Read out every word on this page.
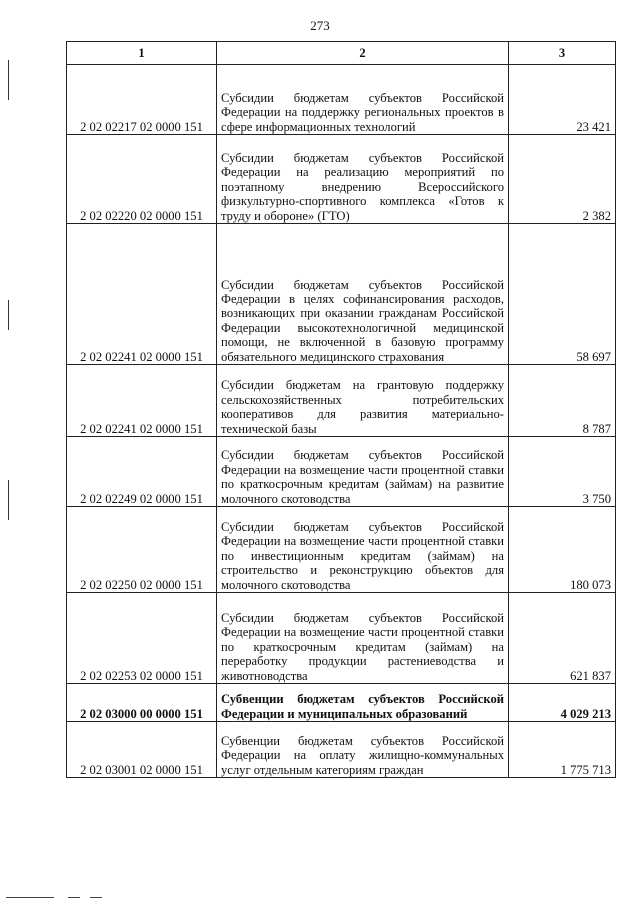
273
1	2	3
2 02 02217 02 0000 151	Субсидии бюджетам субъектов Российской Федерации на поддержку региональных проектов в сфере информационных технологий	23 421
2 02 02220 02 0000 151	Субсидии бюджетам субъектов Российской Федерации на реализацию мероприятий по поэтапному внедрению Всероссийского физкультурно-спортивного комплекса «Готов к труду и обороне» (ГТО)	2 382
2 02 02241 02 0000 151	Субсидии бюджетам субъектов Российской Федерации в целях софинансирования расходов, возникающих при оказании гражданам Российской Федерации высокотехнологичной медицинской помощи, не включенной в базовую программу обязательного медицинского страхования	58 697
2 02 02241 02 0000 151	Субсидии бюджетам на грантовую поддержку сельскохозяйственных потребительских кооперативов для развития материально-технической базы	8 787
2 02 02249 02 0000 151	Субсидии бюджетам субъектов Российской Федерации на возмещение части процентной ставки по краткосрочным кредитам (займам) на развитие молочного скотоводства	3 750
2 02 02250 02 0000 151	Субсидии бюджетам субъектов Российской Федерации на возмещение части процентной ставки по инвестиционным кредитам (займам) на строительство и реконструкцию объектов для молочного скотоводства	180 073
2 02 02253 02 0000 151	Субсидии бюджетам субъектов Российской Федерации на возмещение части процентной ставки по краткосрочным кредитам (займам) на переработку продукции растениеводства и животноводства	621 837
2 02 03000 00 0000 151	Субвенции бюджетам субъектов Российской Федерации и муниципальных образований	4 029 213
2 02 03001 02 0000 151	Субвенции бюджетам субъектов Российской Федерации на оплату жилищно-коммунальных услуг отдельным категориям граждан	1 775 713
